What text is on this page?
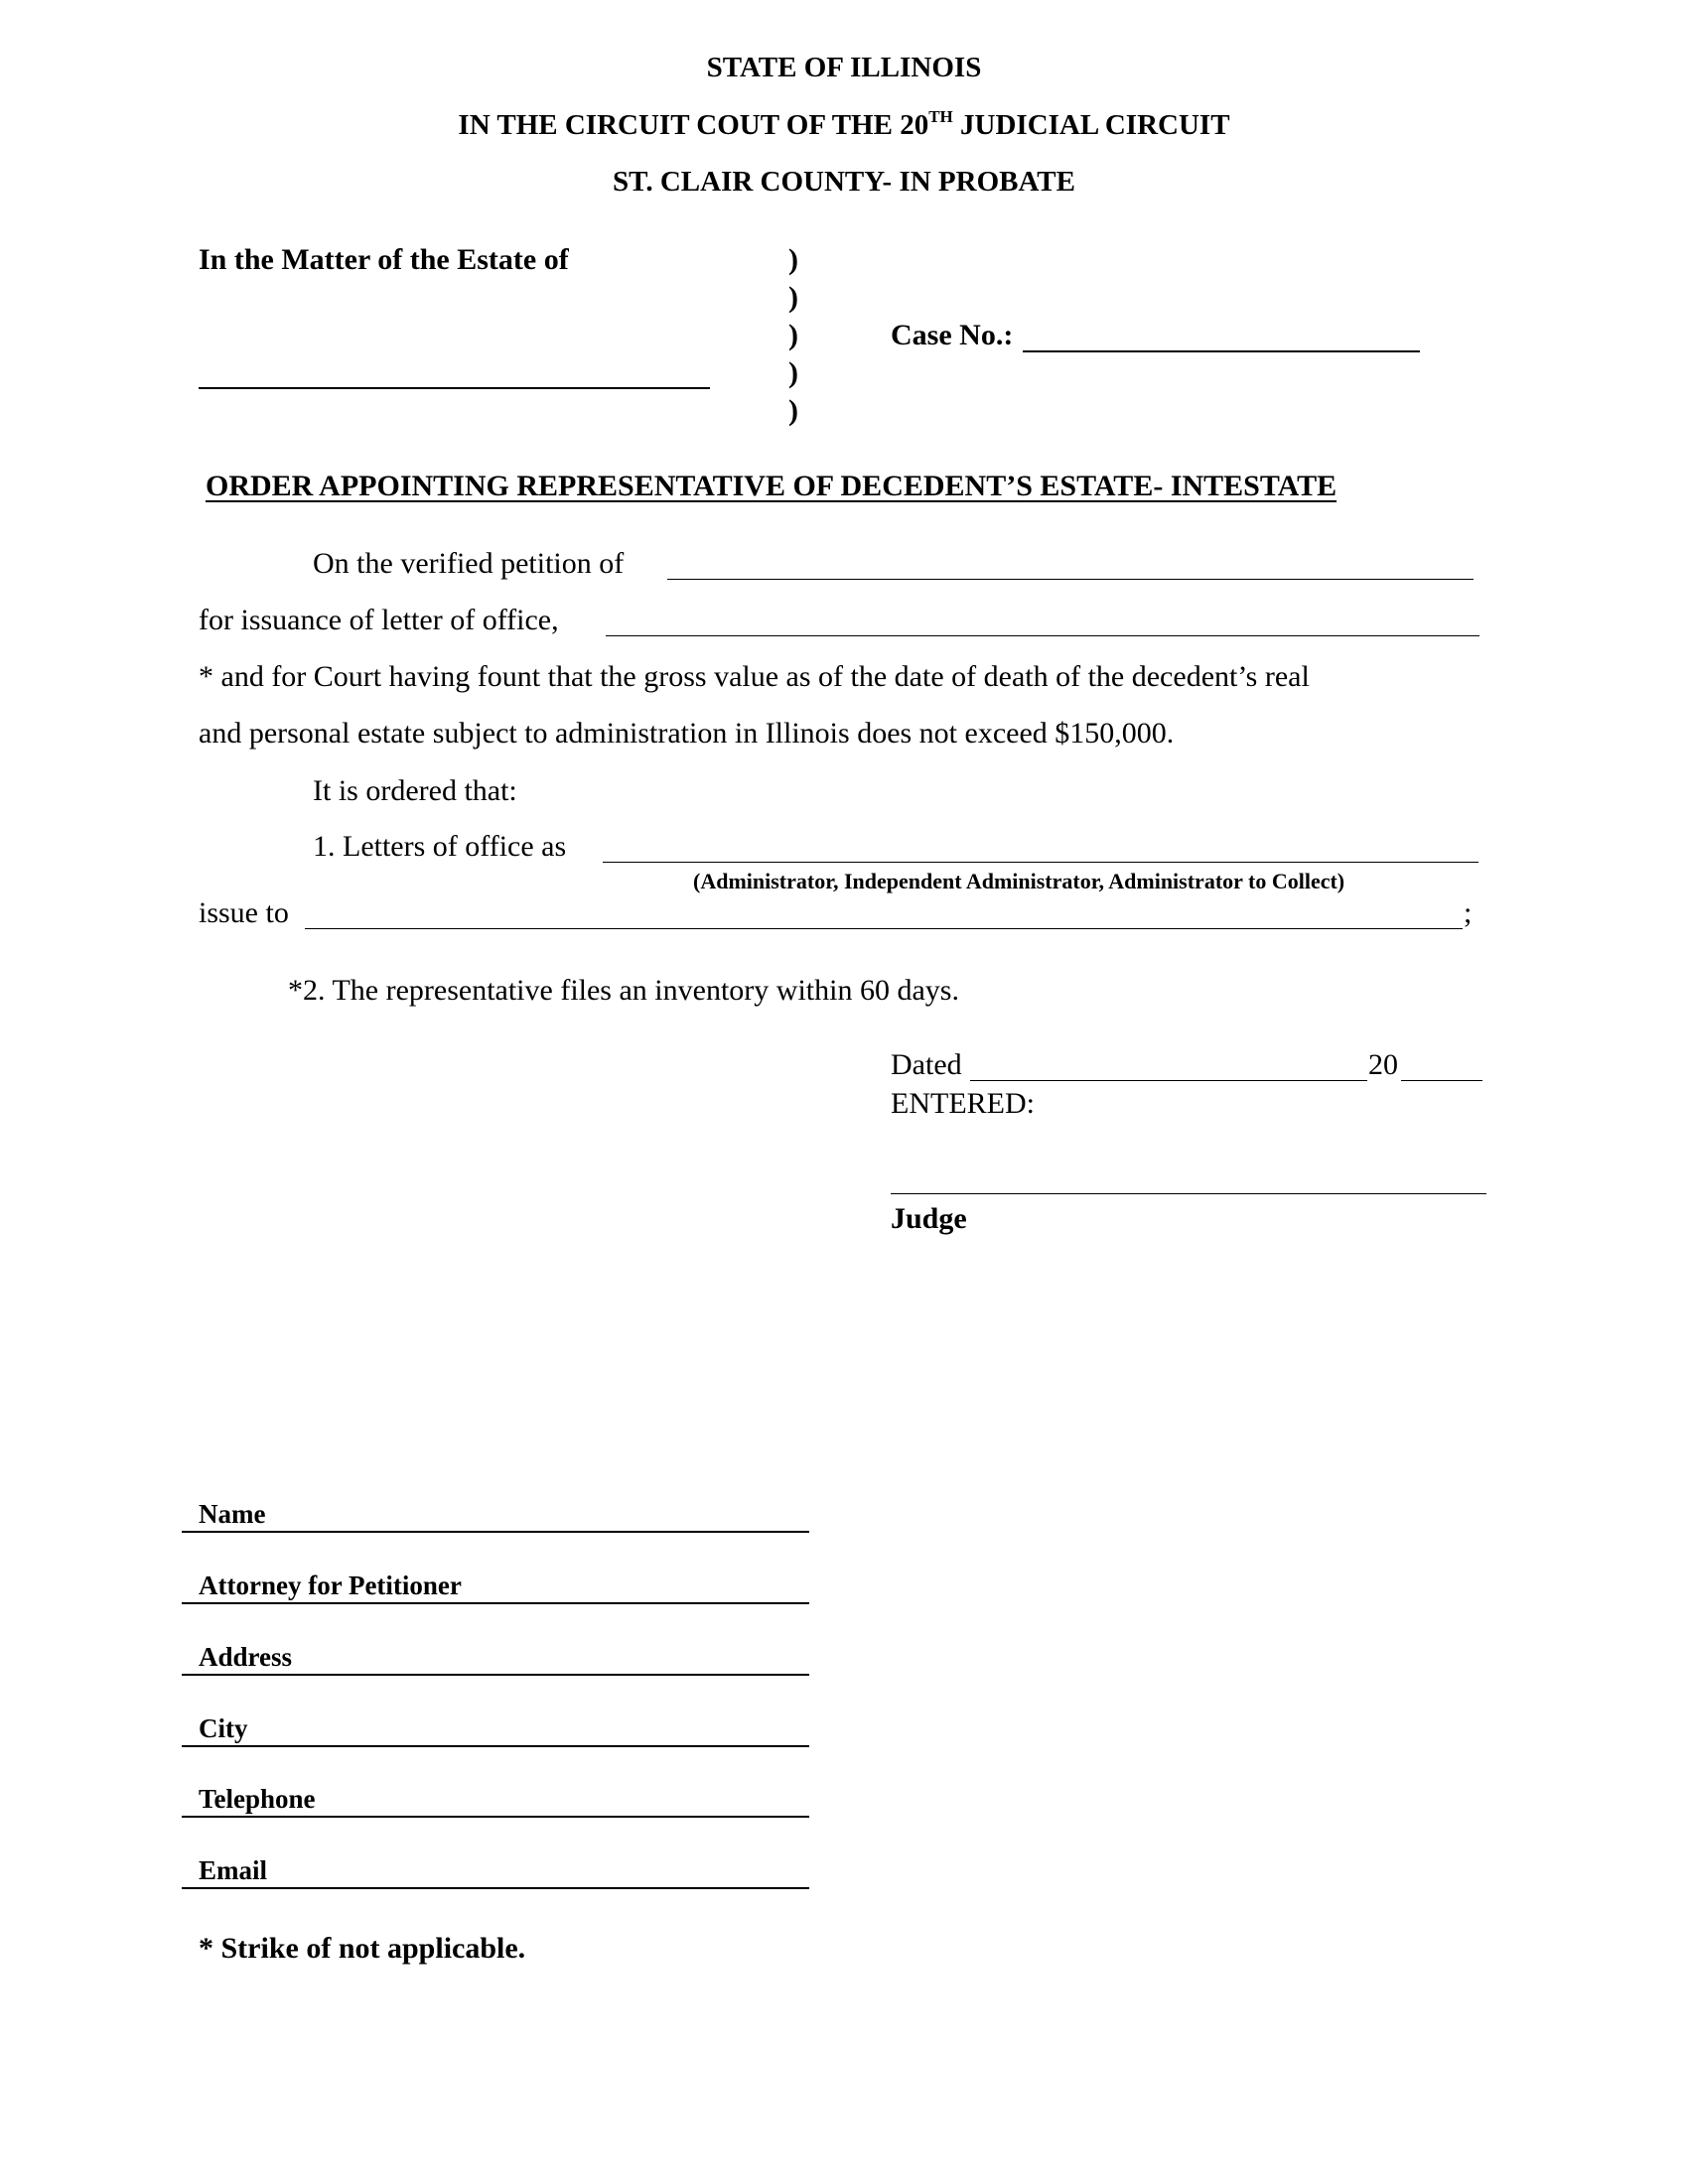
STATE OF ILLINOIS
IN THE CIRCUIT COUT OF THE 20TH JUDICIAL CIRCUIT
ST. CLAIR COUNTY- IN PROBATE
In the Matter of the Estate of	)
)
)
)
)
Case No.:
ORDER APPOINTING REPRESENTATIVE OF DECEDENT’S ESTATE- INTESTATE
On the verified petition of
for issuance of letter of office,
* and for Court having fount that the gross value as of the date of death of the decedent’s real
and personal estate subject to administration in Illinois does not exceed $150,000.
It is ordered that:
1. Letters of office as
(Administrator, Independent Administrator, Administrator to Collect)
issue to	;
*2. The representative files an inventory within 60 days.
Dated	20
ENTERED:
Judge
Name
Attorney for Petitioner
Address
City
Telephone
Email
* Strike of not applicable.
